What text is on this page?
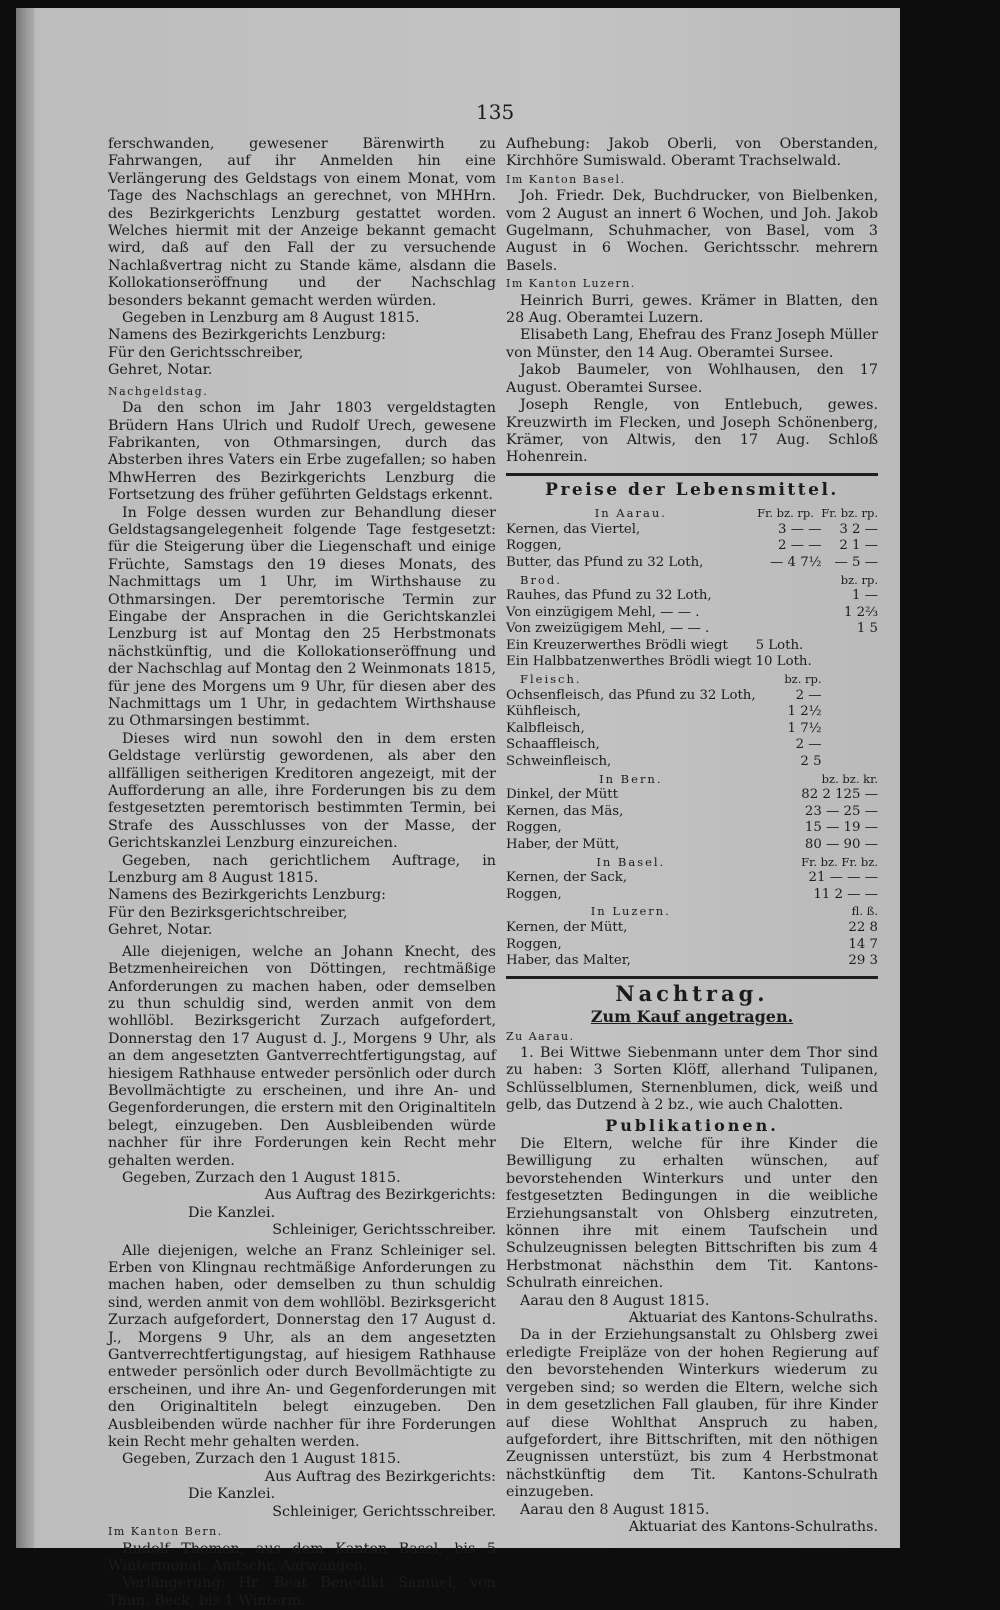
135

ferschwanden, gewesener Bärenwirth zu Fahrwangen, auf ihr Anmelden hin eine Verlängerung des Geldstags von einem Monat, vom Tage des Nachschlags an gerechnet, von MHHrn. des Bezirkgerichts Lenzburg gestattet worden. Welches hiermit mit der Anzeige bekannt gemacht wird, daß auf den Fall der zu versuchende Nachlaßvertrag nicht zu Stande käme, alsdann die Kollokationseröffnung und der Nachschlag besonders bekannt gemacht werden würden.

Gegeben in Lenzburg am 8 August 1815.

Namens des Bezirkgerichts Lenzburg:

Für den Gerichtsschreiber,

Gehret, Notar.

Nachgeldstag.

Da den schon im Jahr 1803 vergeldstagten Brüdern Hans Ulrich und Rudolf Urech, gewesene Fabrikanten, von Othmarsingen, durch das Absterben ihres Vaters ein Erbe zugefallen; so haben MhwHerren des Bezirkgerichts Lenzburg die Fortsetzung des früher geführten Geldstags erkennt.

In Folge dessen wurden zur Behandlung dieser Geldstagsangelegenheit folgende Tage festgesetzt: für die Steigerung über die Liegenschaft und einige Früchte, Samstags den 19 dieses Monats, des Nachmittags um 1 Uhr, im Wirthshause zu Othmarsingen. Der peremtorische Termin zur Eingabe der Ansprachen in die Gerichtskanzlei Lenzburg ist auf Montag den 25 Herbstmonats nächstkünftig, und die Kollokationseröffnung und der Nachschlag auf Montag den 2 Weinmonats 1815, für jene des Morgens um 9 Uhr, für diesen aber des Nachmittags um 1 Uhr, in gedachtem Wirthshause zu Othmarsingen bestimmt.

Dieses wird nun sowohl den in dem ersten Geldstage verlürstig gewordenen, als aber den allfälligen seitherigen Kreditoren angezeigt, mit der Aufforderung an alle, ihre Forderungen bis zu dem festgesetzten peremtorisch bestimmten Termin, bei Strafe des Ausschlusses von der Masse, der Gerichtskanzlei Lenzburg einzureichen.

Gegeben, nach gerichtlichem Auftrage, in Lenzburg am 8 August 1815.

Namens des Bezirkgerichts Lenzburg:

Für den Bezirksgerichtschreiber,

Gehret, Notar.

Alle diejenigen, welche an Johann Knecht, des Betzmenheireichen von Döttingen, rechtmäßige Anforderungen zu machen haben, oder demselben zu thun schuldig sind, werden anmit von dem wohllöbl. Bezirksgericht Zurzach aufgefordert, Donnerstag den 17 August d. J., Morgens 9 Uhr, als an dem angesetzten Gantverrechtfertigungstag, auf hiesigem Rathhause entweder persönlich oder durch Bevollmächtigte zu erscheinen, und ihre An- und Gegenforderungen, die erstern mit den Originaltiteln belegt, einzugeben. Den Ausbleibenden würde nachher für ihre Forderungen kein Recht mehr gehalten werden.

Gegeben, Zurzach den 1 August 1815.

Aus Auftrag des Bezirkgerichts:

Die Kanzlei.

Schleiniger, Gerichtsschreiber.

Alle diejenigen, welche an Franz Schleiniger sel. Erben von Klingnau rechtmäßige Anforderungen zu machen haben, oder demselben zu thun schuldig sind, werden anmit von dem wohllöbl. Bezirksgericht Zurzach aufgefordert, Donnerstag den 17 August d. J., Morgens 9 Uhr, als an dem angesetzten Gantverrechtfertigungstag, auf hiesigem Rathhause entweder persönlich oder durch Bevollmächtigte zu erscheinen, und ihre An- und Gegenforderungen mit den Originaltiteln belegt einzugeben. Den Ausbleibenden würde nachher für ihre Forderungen kein Recht mehr gehalten werden.

Gegeben, Zurzach den 1 August 1815.

Aus Auftrag des Bezirkgerichts:

Die Kanzlei.

Schleiniger, Gerichtsschreiber.

Im Kanton Bern.

Rudolf Thomen, aus dem Kanton Basel, bis 5 Wintermonat. Amtschr. Aarwangen.

Verlängerung: Hr. Beat Benedikt Samuel, von Thun, Beck, bis 1 Winterm.

Aufhebung: Jakob Oberli, von Oberstanden, Kirchhöre Sumiswald. Oberamt Trachselwald.

Im Kanton Basel.

Joh. Friedr. Dek, Buchdrucker, von Bielbenken, vom 2 August an innert 6 Wochen, und Joh. Jakob Gugelmann, Schuhmacher, von Basel, vom 3 August in 6 Wochen. Gerichtsschr. mehrern Basels.

Im Kanton Luzern.

Heinrich Burri, gewes. Krämer in Blatten, den 28 Aug. Oberamtei Luzern.

Elisabeth Lang, Ehefrau des Franz Joseph Müller von Münster, den 14 Aug. Oberamtei Sursee.

Jakob Baumeler, von Wohlhausen, den 17 August. Oberamtei Sursee.

Joseph Rengle, von Entlebuch, gewes. Kreuzwirth im Flecken, und Joseph Schönenberg, Krämer, von Altwis, den 17 Aug. Schloß Hohenrein.

Preise der Lebensmittel.
In Aarau.	Fr. bz. rp. Fr. bz. rp.	
Kernen, das Viertel,	3 — —	3 2 —
Roggen,	2 — —	2 1 —
Butter, das Pfund zu 32 Loth,	— 4 7½	— 5 —
Brod.		bz. rp.
Rauhes, das Pfund zu 32 Loth,		1 —
Von einzügigem Mehl, — — .		1 2⅔
Von zweizügigem Mehl, — — .		1 5
Ein Kreuzerwerthes Brödli wiegt	5 Loth.	
Ein Halbbatzenwerthes Brödli wiegt	10 Loth.	
Fleisch.	bz. rp.	
Ochsenfleisch, das Pfund zu 32 Loth,	2 —	
Kühfleisch,	1 2½	
Kalbfleisch,	1 7½	
Schaaffleisch,	2 —	
Schweinfleisch,	2 5	
In Bern.	bz. bz. kr.	
Dinkel, der Mütt	82 2 125 —	
Kernen, das Mäs,	23 — 25 —	
Roggen,	15 — 19 —	
Haber, der Mütt,	80 — 90 —	
In Basel.	Fr. bz. Fr. bz.	
Kernen, der Sack,	21 — — —	
Roggen,	11 2 — —	
In Luzern.	fl. ß.	
Kernen, der Mütt,	22 8	
Roggen,	14 7	
Haber, das Malter,	29 3	
Nachtrag.
Zum Kauf angetragen.

Zu Aarau.

1. Bei Wittwe Siebenmann unter dem Thor sind zu haben: 3 Sorten Klöff, allerhand Tulipanen, Schlüsselblumen, Sternenblumen, dick, weiß und gelb, das Dutzend à 2 bz., wie auch Chalotten.

Publikationen.

Die Eltern, welche für ihre Kinder die Bewilligung zu erhalten wünschen, auf bevorstehenden Winterkurs und unter den festgesetzten Bedingungen in die weibliche Erziehungsanstalt von Ohlsberg einzutreten, können ihre mit einem Taufschein und Schulzeugnissen belegten Bittschriften bis zum 4 Herbstmonat nächsthin dem Tit. Kantons-Schulrath einreichen.

Aarau den 8 August 1815.

Aktuariat des Kantons-Schulraths.

Da in der Erziehungsanstalt zu Ohlsberg zwei erledigte Freipläze von der hohen Regierung auf den bevorstehenden Winterkurs wiederum zu vergeben sind; so werden die Eltern, welche sich in dem gesetzlichen Fall glauben, für ihre Kinder auf diese Wohlthat Anspruch zu haben, aufgefordert, ihre Bittschriften, mit den nöthigen Zeugnissen unterstüzt, bis zum 4 Herbstmonat nächstkünftig dem Tit. Kantons-Schulrath einzugeben.

Aarau den 8 August 1815.

Aktuariat des Kantons-Schulraths.
